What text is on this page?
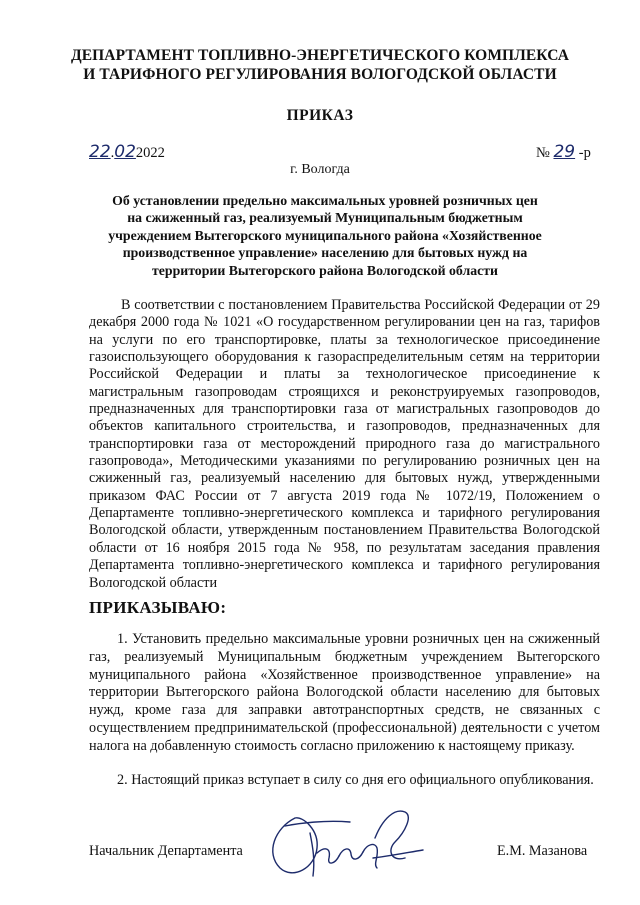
ДЕПАРТАМЕНТ ТОПЛИВНО-ЭНЕРГЕТИЧЕСКОГО КОМПЛЕКСА
И ТАРИФНОГО РЕГУЛИРОВАНИЯ ВОЛОГОДСКОЙ ОБЛАСТИ
ПРИКАЗ
22.022022	№ 29 -р
г. Вологда
Об установлении предельно максимальных уровней розничных цен
на сжиженный газ, реализуемый Муниципальным бюджетным
учреждением Вытегорского муниципального района «Хозяйственное
производственное управление» населению для бытовых нужд на
территории Вытегорского района Вологодской области

В соответствии с постановлением Правительства Российской Федерации от 29 декабря 2000 года № 1021 «О государственном регулировании цен на газ, тарифов на услуги по его транспортировке, платы за технологическое присоединение газоиспользующего оборудования к газораспределительным сетям на территории Российской Федерации и платы за технологическое присоединение к магистральным газопроводам строящихся и реконструируемых газопроводов, предназначенных для транспортировки газа от магистральных газопроводов до объектов капитального строительства, и газопроводов, предназначенных для транспортировки газа от месторождений природного газа до магистрального газопровода», Методическими указаниями по регулированию розничных цен на сжиженный газ, реализуемый населению для бытовых нужд, утвержденными приказом ФАС России от 7 августа 2019 года № 1072/19, Положением о Департаменте топливно-энергетического комплекса и тарифного регулирования Вологодской области, утвержденным постановлением Правительства Вологодской области от 16 ноября 2015 года № 958, по результатам заседания правления Департамента топливно-энергетического комплекса и тарифного регулирования Вологодской области

ПРИКАЗЫВАЮ:

1. Установить предельно максимальные уровни розничных цен на сжиженный газ, реализуемый Муниципальным бюджетным учреждением Вытегорского муниципального района «Хозяйственное производственное управление» на территории Вытегорского района Вологодской области населению для бытовых нужд, кроме газа для заправки автотранспортных средств, не связанных с осуществлением предпринимательской (профессиональной) деятельности с учетом налога на добавленную стоимость согласно приложению к настоящему приказу.

2. Настоящий приказ вступает в силу со дня его официального опубликования.

Начальник Департамента	Е.М. Мазанова
